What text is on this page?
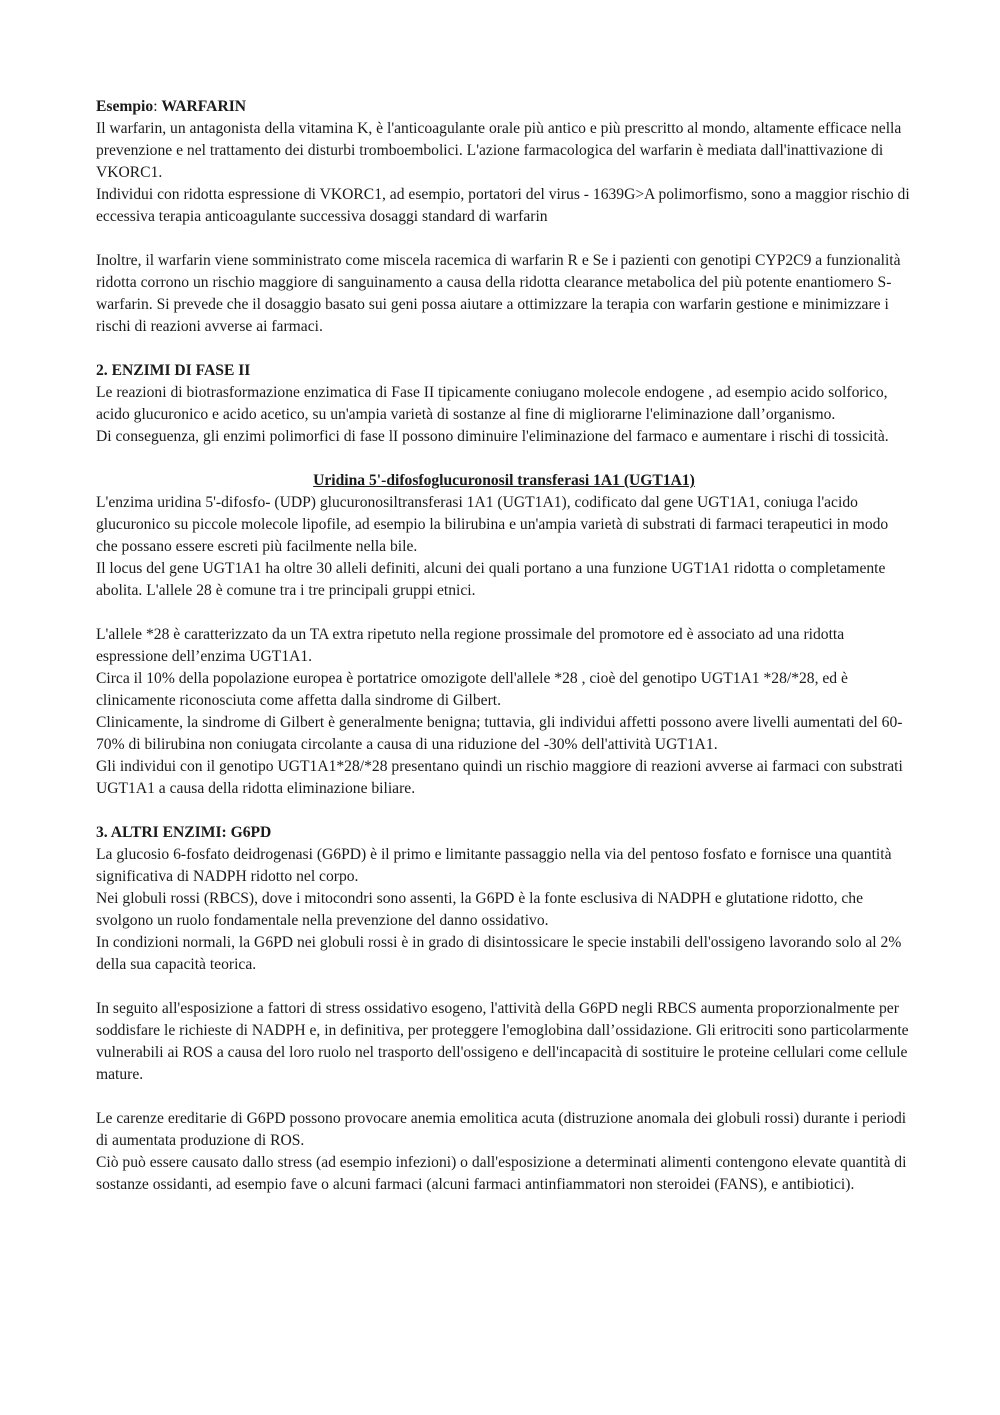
Esempio: WARFARIN

Il warfarin, un antagonista della vitamina K, è l'anticoagulante orale più antico e più prescritto al mondo, altamente efficace nella prevenzione e nel trattamento dei disturbi tromboembolici. L'azione farmacologica del warfarin è mediata dall'inattivazione di VKORC1.

Individui con ridotta espressione di VKORC1, ad esempio, portatori del virus - 1639G>A polimorfismo, sono a maggior rischio di eccessiva terapia anticoagulante successiva dosaggi standard di warfarin

Inoltre, il warfarin viene somministrato come miscela racemica di warfarin R e Se i pazienti con genotipi CYP2C9 a funzionalità ridotta corrono un rischio maggiore di sanguinamento a causa della ridotta clearance metabolica del più potente enantiomero S-warfarin. Si prevede che il dosaggio basato sui geni possa aiutare a ottimizzare la terapia con warfarin gestione e minimizzare i rischi di reazioni avverse ai farmaci.

2. ENZIMI DI FASE II

Le reazioni di biotrasformazione enzimatica di Fase II tipicamente coniugano molecole endogene , ad esempio acido solforico, acido glucuronico e acido acetico, su un'ampia varietà di sostanze al fine di migliorarne l'eliminazione dall’organismo.

Di conseguenza, gli enzimi polimorfici di fase lI possono diminuire l'eliminazione del farmaco e aumentare i rischi di tossicità.

Uridina 5'-difosfoglucuronosil transferasi 1A1 (UGT1A1)

L'enzima uridina 5'-difosfo- (UDP) glucuronosiltransferasi 1A1 (UGT1A1), codificato dal gene UGT1A1, coniuga l'acido glucuronico su piccole molecole lipofile, ad esempio la bilirubina e un'ampia varietà di substrati di farmaci terapeutici in modo che possano essere escreti più facilmente nella bile.

Il locus del gene UGT1A1 ha oltre 30 alleli definiti, alcuni dei quali portano a una funzione UGT1A1 ridotta o completamente abolita. L'allele 28 è comune tra i tre principali gruppi etnici.

L'allele *28 è caratterizzato da un TA extra ripetuto nella regione prossimale del promotore ed è associato ad una ridotta espressione dell’enzima UGT1A1.

Circa il 10% della popolazione europea è portatrice omozigote dell'allele *28 , cioè del genotipo UGT1A1 *28/*28, ed è clinicamente riconosciuta come affetta dalla sindrome di Gilbert.

Clinicamente, la sindrome di Gilbert è generalmente benigna; tuttavia, gli individui affetti possono avere livelli aumentati del 60-70% di bilirubina non coniugata circolante a causa di una riduzione del -30% dell'attività UGT1A1.

Gli individui con il genotipo UGT1A1*28/*28 presentano quindi un rischio maggiore di reazioni avverse ai farmaci con substrati UGT1A1 a causa della ridotta eliminazione biliare.

3. ALTRI ENZIMI: G6PD

La glucosio 6-fosfato deidrogenasi (G6PD) è il primo e limitante passaggio nella via del pentoso fosfato e fornisce una quantità significativa di NADPH ridotto nel corpo.

Nei globuli rossi (RBCS), dove i mitocondri sono assenti, la G6PD è la fonte esclusiva di NADPH e glutatione ridotto, che svolgono un ruolo fondamentale nella prevenzione del danno ossidativo.

In condizioni normali, la G6PD nei globuli rossi è in grado di disintossicare le specie instabili dell'ossigeno lavorando solo al 2% della sua capacità teorica.

In seguito all'esposizione a fattori di stress ossidativo esogeno, l'attività della G6PD negli RBCS aumenta proporzionalmente per soddisfare le richieste di NADPH e, in definitiva, per proteggere l'emoglobina dall’ossidazione. Gli eritrociti sono particolarmente vulnerabili ai ROS a causa del loro ruolo nel trasporto dell'ossigeno e dell'incapacità di sostituire le proteine cellulari come cellule mature.

Le carenze ereditarie di G6PD possono provocare anemia emolitica acuta (distruzione anomala dei globuli rossi) durante i periodi di aumentata produzione di ROS.

Ciò può essere causato dallo stress (ad esempio infezioni) o dall'esposizione a determinati alimenti contengono elevate quantità di sostanze ossidanti, ad esempio fave o alcuni farmaci (alcuni farmaci antinfiammatori non steroidei (FANS), e antibiotici).
